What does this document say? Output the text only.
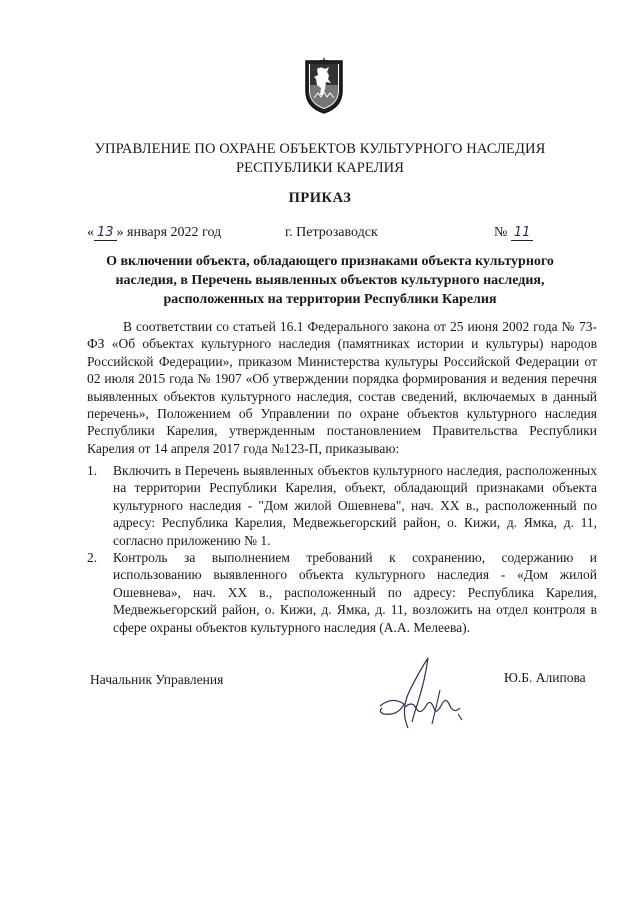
УПРАВЛЕНИЕ ПО ОХРАНЕ ОБЪЕКТОВ КУЛЬТУРНОГО НАСЛЕДИЯ
РЕСПУБЛИКИ КАРЕЛИЯ
ПРИКАЗ
« 13 » января 2022 год	г. Петрозаводск	№ 11
О включении объекта, обладающего признаками объекта культурного
наследия, в Перечень выявленных объектов культурного наследия,
расположенных на территории Республики Карелия

В соответствии со статьей 16.1 Федерального закона от 25 июня 2002 года № 73-ФЗ «Об объектах культурного наследия (памятниках истории и культуры) народов Российской Федерации», приказом Министерства культуры Российской Федерации от 02 июля 2015 года № 1907 «Об утверждении порядка формирования и ведения перечня выявленных объектов культурного наследия, состав сведений, включаемых в данный перечень», Положением об Управлении по охране объектов культурного наследия Республики Карелия, утвержденным постановлением Правительства Республики Карелия от 14 апреля 2017 года №123-П, приказываю:

1. Включить в Перечень выявленных объектов культурного наследия, расположенных на территории Республики Карелия, объект, обладающий признаками объекта культурного наследия - "Дом жилой Ошевнева", нач. XX в., расположенный по адресу: Республика Карелия, Медвежьегорский район, о. Кижи, д. Ямка, д. 11, согласно приложению № 1.
2. Контроль за выполнением требований к сохранению, содержанию и использованию выявленного объекта культурного наследия - «Дом жилой Ошевнева», нач. XX в., расположенный по адресу: Республика Карелия, Медвежьегорский район, о. Кижи, д. Ямка, д. 11, возложить на отдел контроля в сфере охраны объектов культурного наследия (А.А. Мелеева).
Начальник Управления	Ю.Б. Алипова
